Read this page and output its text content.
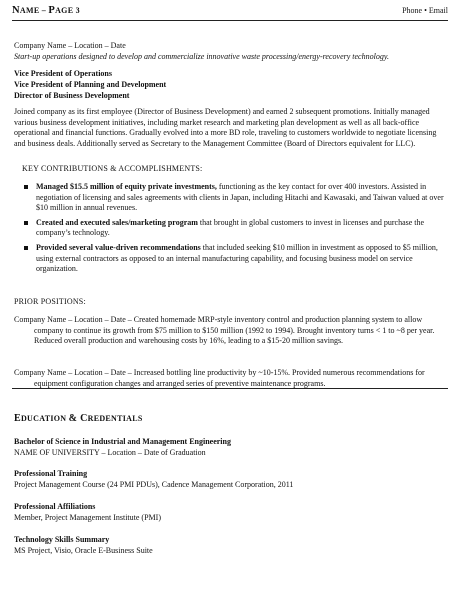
NAME – PAGE 3	Phone • Email
Company Name – Location – Date
Start-up operations designed to develop and commercialize innovative waste processing/energy-recovery technology.
Vice President of Operations
Vice President of Planning and Development
Director of Business Development
Joined company as its first employee (Director of Business Development) and earned 2 subsequent promotions. Initially managed various business development initiatives, including market research and marketing plan development as well as all back-office operational and financial functions. Gradually evolved into a more BD role, traveling to customers worldwide to negotiate licensing and business deals. Additionally served as Secretary to the Management Committee (Board of Directors equivalent for LLC).
KEY CONTRIBUTIONS & ACCOMPLISHMENTS:
Managed $15.5 million of equity private investments, functioning as the key contact for over 400 investors. Assisted in negotiation of licensing and sales agreements with clients in Japan, including Hitachi and Kawasaki, and Taiwan valued at over $10 million in annual revenues.
Created and executed sales/marketing program that brought in global customers to invest in licenses and purchase the company’s technology.
Provided several value-driven recommendations that included seeking $10 million in investment as opposed to $5 million, using external contractors as opposed to an internal manufacturing capability, and focusing business model on service organization.
PRIOR POSITIONS:
Company Name – Location – Date – Created homemade MRP-style inventory control and production planning system to allow company to continue its growth from $75 million to $150 million (1992 to 1994). Brought inventory turns < 1 to ~8 per year. Reduced overall production and warehousing costs by 16%, leading to a $15-20 million savings.
Company Name – Location – Date – Increased bottling line productivity by ~10-15%. Provided numerous recommendations for equipment configuration changes and arranged series of preventive maintenance programs.
EDUCATION & CREDENTIALS
Bachelor of Science in Industrial and Management Engineering
NAME OF UNIVERSITY – Location – Date of Graduation
Professional Training
Project Management Course (24 PMI PDUs), Cadence Management Corporation, 2011
Professional Affiliations
Member, Project Management Institute (PMI)
Technology Skills Summary
MS Project, Visio, Oracle E-Business Suite
